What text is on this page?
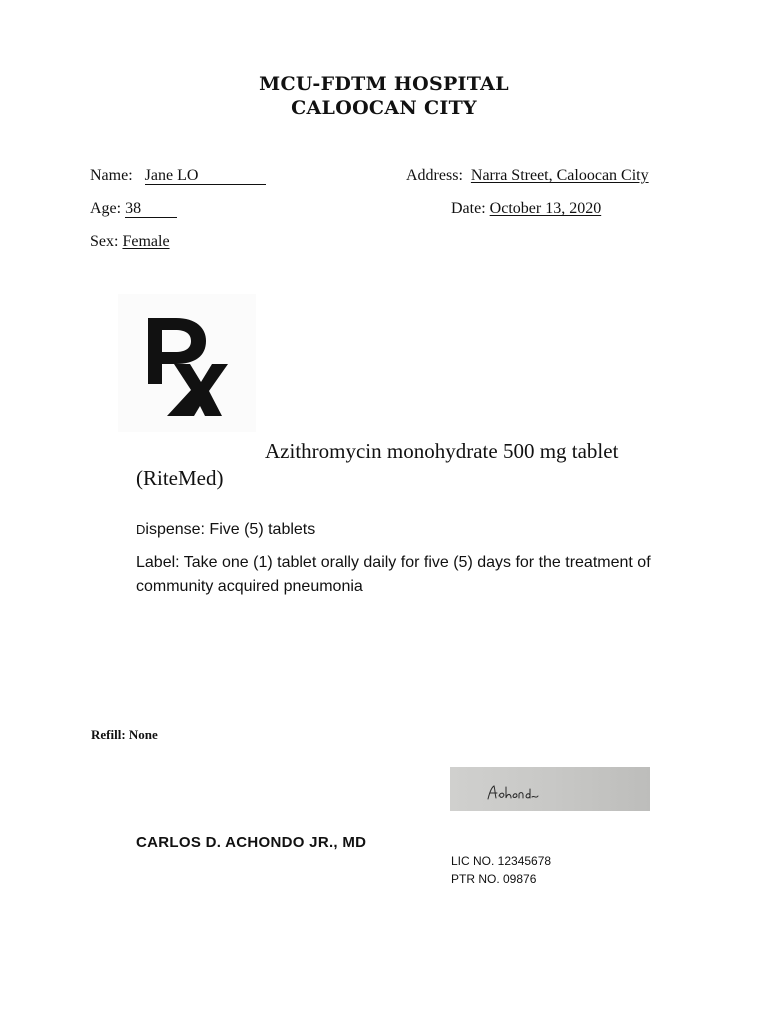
MCU-FDTM HOSPITAL
CALOOCAN CITY
Name: Jane LO	Address: Narra Street, Caloocan City
Age: 38	Date: October 13, 2020
Sex: Female
Azithromycin monohydrate 500 mg tablet
(RiteMed)
Dispense: Five (5) tablets
Label: Take one (1) tablet orally daily for five (5) days for the treatment of community acquired pneumonia
Refill: None
CARLOS D. ACHONDO JR., MD
LIC NO. 12345678
PTR NO. 09876
